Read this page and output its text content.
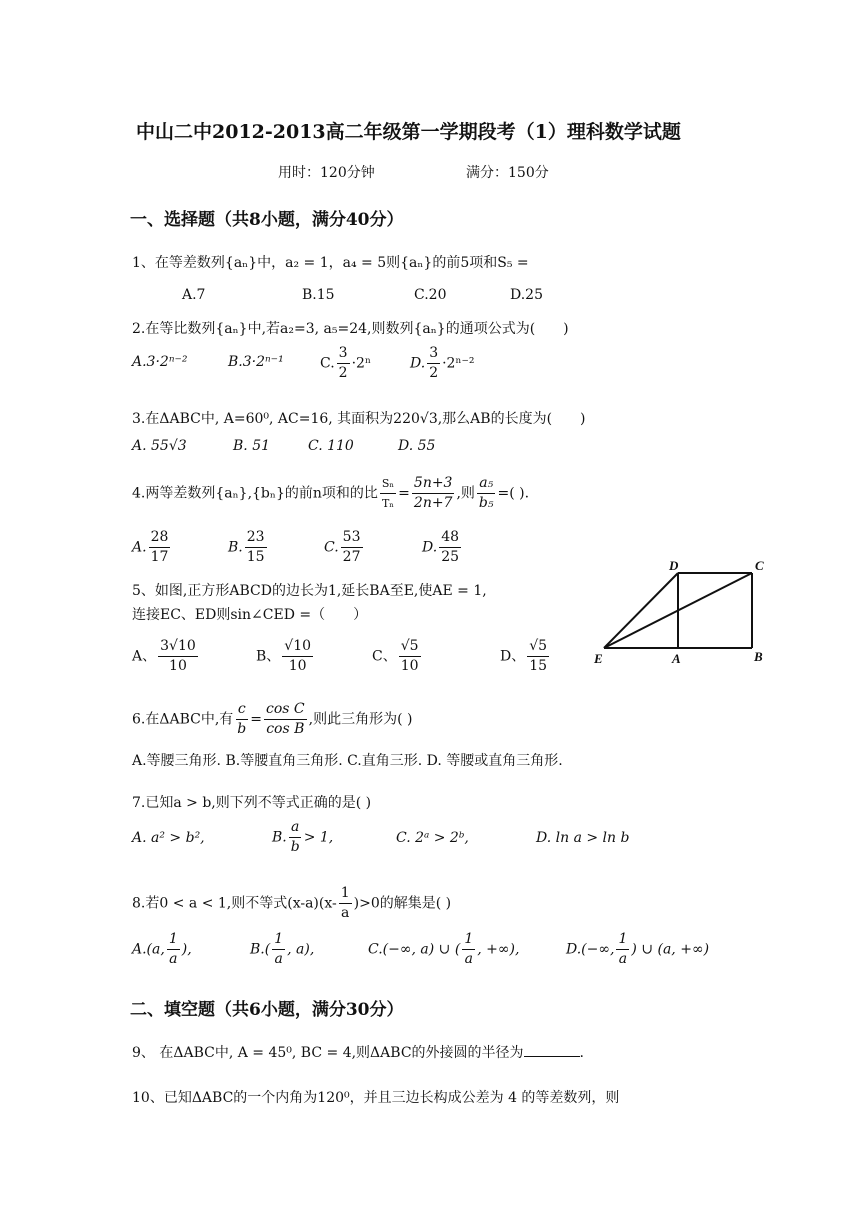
中山二中2012-2013高二年级第一学期段考（1）理科数学试题
用时：120分钟	满分：150分
一、选择题（共8小题，满分40分）
1、在等差数列{aₙ}中，a₂ = 1，a₄ = 5则{aₙ}的前5项和S₅ =
A.7	B.15	C.20	D.25
2.在等比数列{aₙ}中,若a₂=3, a₅=24,则数列{aₙ}的通项公式为(　　)
A.3·2ⁿ⁻²	B.3·2ⁿ⁻¹	C. $\frac{3}{2} \cdot 2^n$	D. $\frac{3}{2} \cdot 2^{n-2}$
3.在ΔABC中, A=60⁰, AC=16, 其面积为220√3,那么AB的长度为(　　)
A. 55√3	B. 51	C. 110	D. 55
4.两等差数列{aₙ},{bₙ}的前n项和的比 $\frac{\text{Sₙ}}{\text{Tₙ}} = \frac{5n+3}{2n+7}$ ,则 $\frac{\text{a₅}}{\text{b₅}}$ =( ).
A. $\frac{28}{17}$	B. $\frac{23}{15}$	C. $\frac{53}{27}$	D. $\frac{48}{25}$
5、如图,正方形ABCD的边长为1,延长BA至E,使AE = 1,
连接EC、ED则sin∠CED =（　　）
A、 $\frac{3√10}{10}$	B、 $\frac{√10}{10}$	C、 $\frac{√5}{10}$	D、 $\frac{√5}{15}$
D	C
E	A	B
6.在ΔABC中,有 $\frac{c}{b} = \frac{\text{cos C}}{\text{cos B}}$ ,则此三角形为( )
A.等腰三角形. B.等腰直角三角形. C.直角三形. D. 等腰或直角三角形.
7.已知a > b,则下列不等式正确的是( )
A. a² > b²,	B. $\frac{a}{b} > 1$,	C. 2ᵃ > 2ᵇ,	D. ln a > ln b
8.若0 < a < 1,则不等式$(x-a)(x- \frac{1}{a} )>0$的解集是( )
A.(a, $\frac{1}{a}$ ),	$B.( \frac{1}{a}$ , a),	C.(−∞, a) ∪ ( $\frac{1}{a}$ , +∞),	D.(−∞, $\frac{1}{a}$ ) ∪ (a, +∞)
二、填空题（共6小题，满分30分）
9、 在ΔABC中, A = 45⁰, BC = 4,则ΔABC的外接圆的半径为	.
10、已知ΔABC的一个内角为120⁰，并且三边长构成公差为 4 的等差数列，则
